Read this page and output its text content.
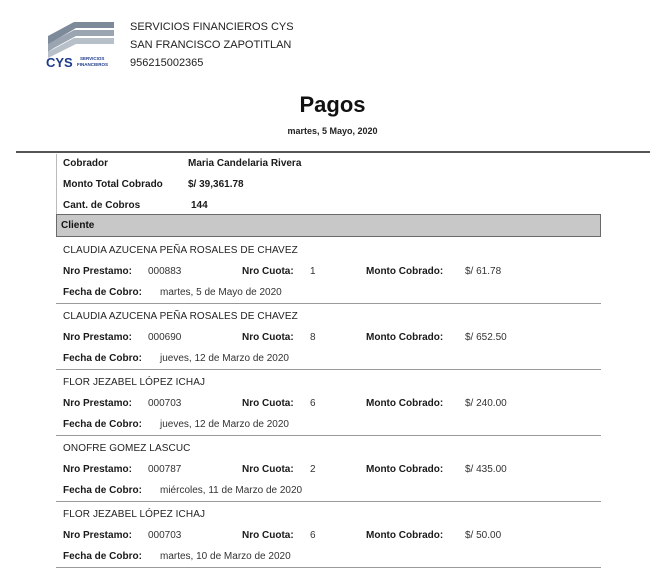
CYS SERVICIOS
FINANCIEROS
SERVICIOS FINANCIEROS CYS
SAN FRANCISCO ZAPOTITLAN
956215002365
Pagos
martes, 5 Mayo, 2020
Cobrador	Maria Candelaria Rivera
Monto Total Cobrado	$/ 39,361.78
Cant. de Cobros	144
Cliente
CLAUDIA AZUCENA PEÑA ROSALES DE CHAVEZ
Nro Prestamo: 000883	Nro Cuota: 1	Monto Cobrado: $/ 61.78
Fecha de Cobro: martes, 5 de Mayo de 2020
CLAUDIA AZUCENA PEÑA ROSALES DE CHAVEZ
Nro Prestamo: 000690	Nro Cuota: 8	Monto Cobrado: $/ 652.50
Fecha de Cobro: jueves, 12 de Marzo de 2020
FLOR JEZABEL LÓPEZ ICHAJ
Nro Prestamo: 000703	Nro Cuota: 6	Monto Cobrado: $/ 240.00
Fecha de Cobro: jueves, 12 de Marzo de 2020
ONOFRE GOMEZ LASCUC
Nro Prestamo: 000787	Nro Cuota: 2	Monto Cobrado: $/ 435.00
Fecha de Cobro: miércoles, 11 de Marzo de 2020
FLOR JEZABEL LÓPEZ ICHAJ
Nro Prestamo: 000703	Nro Cuota: 6	Monto Cobrado: $/ 50.00
Fecha de Cobro: martes, 10 de Marzo de 2020
